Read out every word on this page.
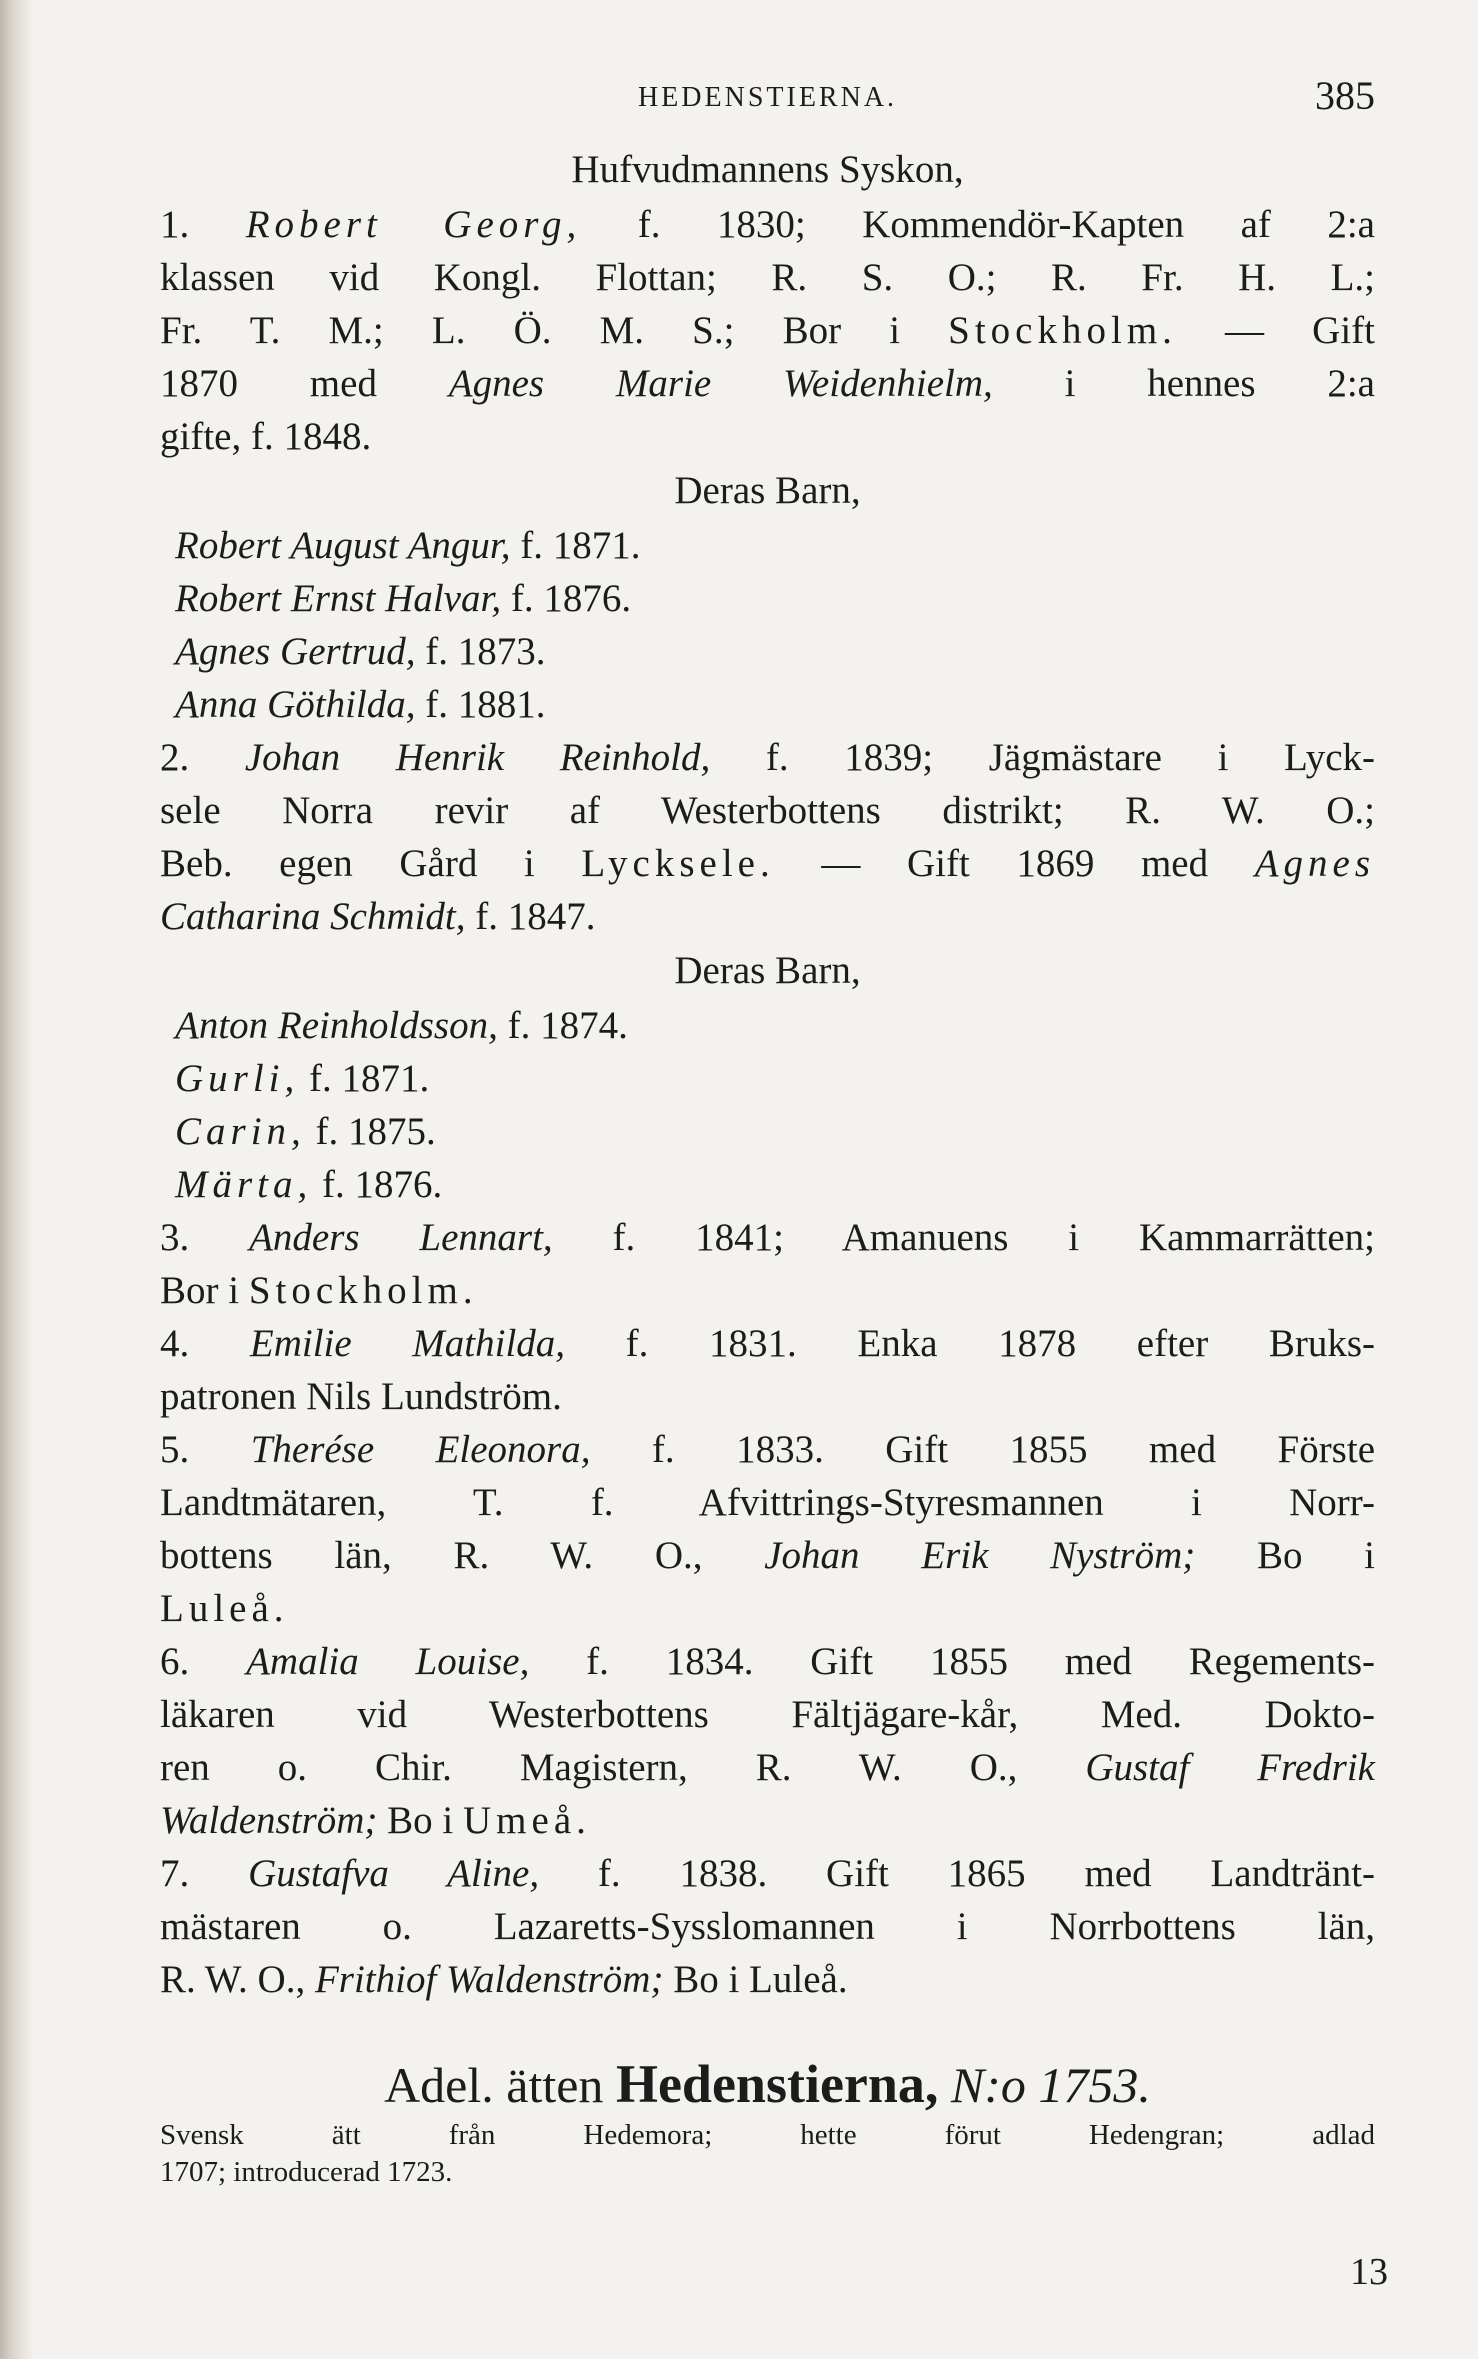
HEDENSTIERNA.	385
Hufvudmannens Syskon,
1. Robert Georg, f. 1830; Kommendör-Kapten af 2:a
klassen vid Kongl. Flottan; R. S. O.; R. Fr. H. L.;
Fr. T. M.; L. Ö. M. S.; Bor i Stockholm. — Gift
1870 med Agnes Marie Weidenhielm, i hennes 2:a
gifte, f. 1848.
Deras Barn,
Robert August Angur, f. 1871.
Robert Ernst Halvar, f. 1876.
Agnes Gertrud, f. 1873.
Anna Göthilda, f. 1881.
2. Johan Henrik Reinhold, f. 1839; Jägmästare i Lyck-
sele Norra revir af Westerbottens distrikt; R. W. O.;
Beb. egen Gård i Lycksele. — Gift 1869 med Agnes
Catharina Schmidt, f. 1847.
Deras Barn,
Anton Reinholdsson, f. 1874.
Gurli, f. 1871.
Carin, f. 1875.
Märta, f. 1876.
3. Anders Lennart, f. 1841; Amanuens i Kammarrätten;
Bor i Stockholm.
4. Emilie Mathilda, f. 1831. Enka 1878 efter Bruks-
patronen Nils Lundström.
5. Therése Eleonora, f. 1833. Gift 1855 med Förste
Landtmätaren, T. f. Afvittrings-Styresmannen i Norr-
bottens län, R. W. O., Johan Erik Nyström; Bo i
Luleå.
6. Amalia Louise, f. 1834. Gift 1855 med Regements-
läkaren vid Westerbottens Fältjägare-kår, Med. Dokto-
ren o. Chir. Magistern, R. W. O., Gustaf Fredrik
Waldenström; Bo i Umeå.
7. Gustafva Aline, f. 1838. Gift 1865 med Landtränt-
mästaren o. Lazaretts-Sysslomannen i Norrbottens län,
R. W. O., Frithiof Waldenström; Bo i Luleå.
Adel. ätten Hedenstierna, N:o 1753.
Svensk ätt från Hedemora; hette förut Hedengran; adlad
1707; introducerad 1723.
13
